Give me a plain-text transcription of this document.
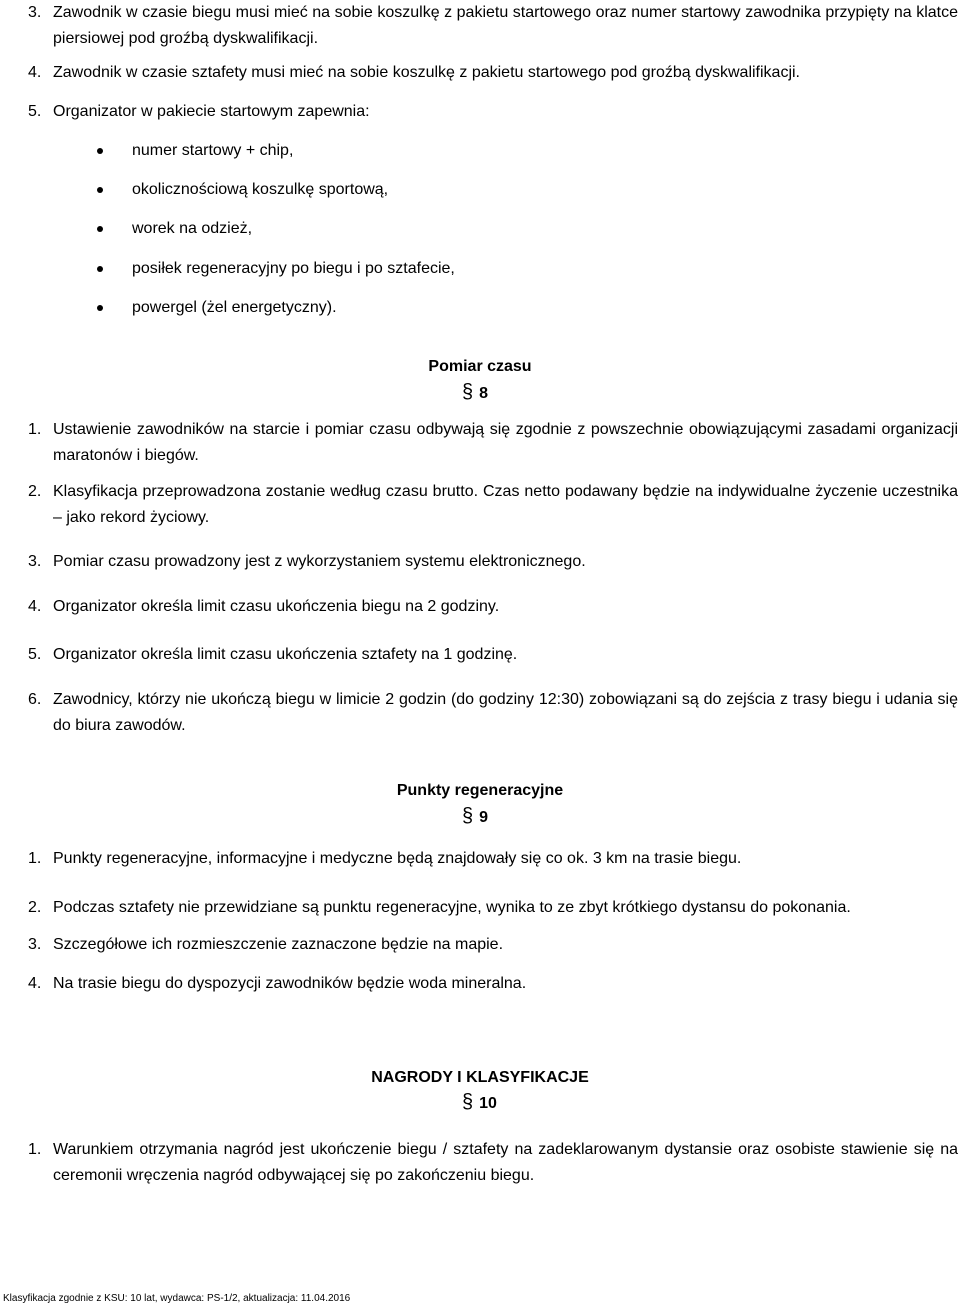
3. Zawodnik w czasie biegu musi mieć na sobie koszulkę z pakietu startowego oraz numer startowy zawodnika przypięty na klatce piersiowej pod groźbą dyskwalifikacji.
4. Zawodnik w czasie sztafety musi mieć na sobie koszulkę z pakietu startowego pod groźbą dyskwalifikacji.
5. Organizator w pakiecie startowym zapewnia:
numer startowy + chip,
okolicznościową koszulkę sportową,
worek na odzież,
posiłek regeneracyjny po biegu i po sztafecie,
powergel (żel energetyczny).
Pomiar czasu
§ 8
1. Ustawienie zawodników na starcie i pomiar czasu odbywają się zgodnie z powszechnie obowiązującymi zasadami organizacji maratonów i biegów.
2. Klasyfikacja przeprowadzona zostanie według czasu brutto. Czas netto podawany będzie na indywidualne życzenie uczestnika – jako rekord życiowy.
3. Pomiar czasu prowadzony jest z wykorzystaniem systemu elektronicznego.
4. Organizator określa limit czasu ukończenia biegu na 2 godziny.
5. Organizator określa limit czasu ukończenia sztafety na 1 godzinę.
6. Zawodnicy, którzy nie ukończą biegu w limicie 2 godzin (do godziny 12:30) zobowiązani są do zejścia z trasy biegu i udania się do biura zawodów.
Punkty regeneracyjne
§ 9
1. Punkty regeneracyjne, informacyjne i medyczne będą znajdowały się co ok. 3 km na trasie biegu.
2. Podczas sztafety nie przewidziane są punktu regeneracyjne, wynika to ze zbyt krótkiego dystansu do pokonania.
3. Szczegółowe ich rozmieszczenie zaznaczone będzie na mapie.
4. Na trasie biegu do dyspozycji zawodników będzie woda mineralna.
NAGRODY I KLASYFIKACJE
§ 10
1. Warunkiem otrzymania nagród jest ukończenie biegu / sztafety na zadeklarowanym dystansie oraz osobiste stawienie się na ceremonii wręczenia nagród odbywającej się po zakończeniu biegu.
Klasyfikacja zgodnie z KSU: 10 lat, wydawca: PS-1/2, aktualizacja: 11.04.2016
